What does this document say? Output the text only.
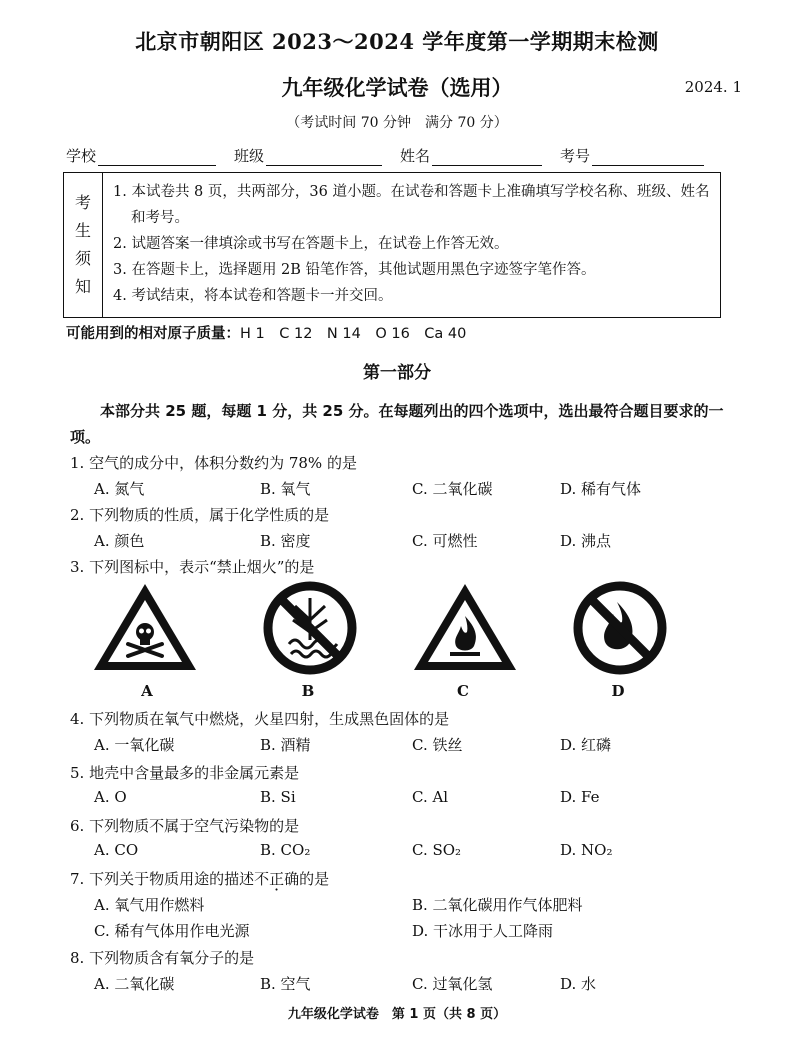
北京市朝阳区 2023～2024 学年度第一学期期末检测
九年级化学试卷（选用）	2024. 1
（考试时间 70 分钟　满分 70 分）
学校	班级	姓名	考号
考
生
须
知
1. 本试卷共 8 页，共两部分，36 道小题。在试卷和答题卡上准确填写学校名称、班级、姓名和考号。
2. 试题答案一律填涂或书写在答题卡上，在试卷上作答无效。
3. 在答题卡上，选择题用 2B 铅笔作答，其他试题用黑色字迹签字笔作答。
4. 考试结束，将本试卷和答题卡一并交回。
可能用到的相对原子质量：H 1　C 12　N 14　O 16　Ca 40
第一部分
本部分共 25 题，每题 1 分，共 25 分。在每题列出的四个选项中，选出最符合题目要求的一项。
1. 空气的成分中，体积分数约为 78% 的是
A. 氮气	B. 氧气	C. 二氧化碳	D. 稀有气体
2. 下列物质的性质，属于化学性质的是
A. 颜色	B. 密度	C. 可燃性	D. 沸点
3. 下列图标中，表示“禁止烟火”的是
A	B	C	D
4. 下列物质在氧气中燃烧，火星四射，生成黑色固体的是
A. 一氧化碳	B. 酒精	C. 铁丝	D. 红磷
5. 地壳中含量最多的非金属元素是
A. O	B. Si	C. Al	D. Fe
6. 下列物质不属于空气污染物的是
A. CO	B. CO₂	C. SO₂	D. NO₂
7. 下列关于物质用途的描述不正确的是
A. 氧气用作燃料	B. 二氧化碳用作气体肥料
C. 稀有气体用作电光源	D. 干冰用于人工降雨
8. 下列物质含有氧分子的是
A. 二氧化碳	B. 空气	C. 过氧化氢	D. 水
九年级化学试卷　第 1 页（共 8 页）
